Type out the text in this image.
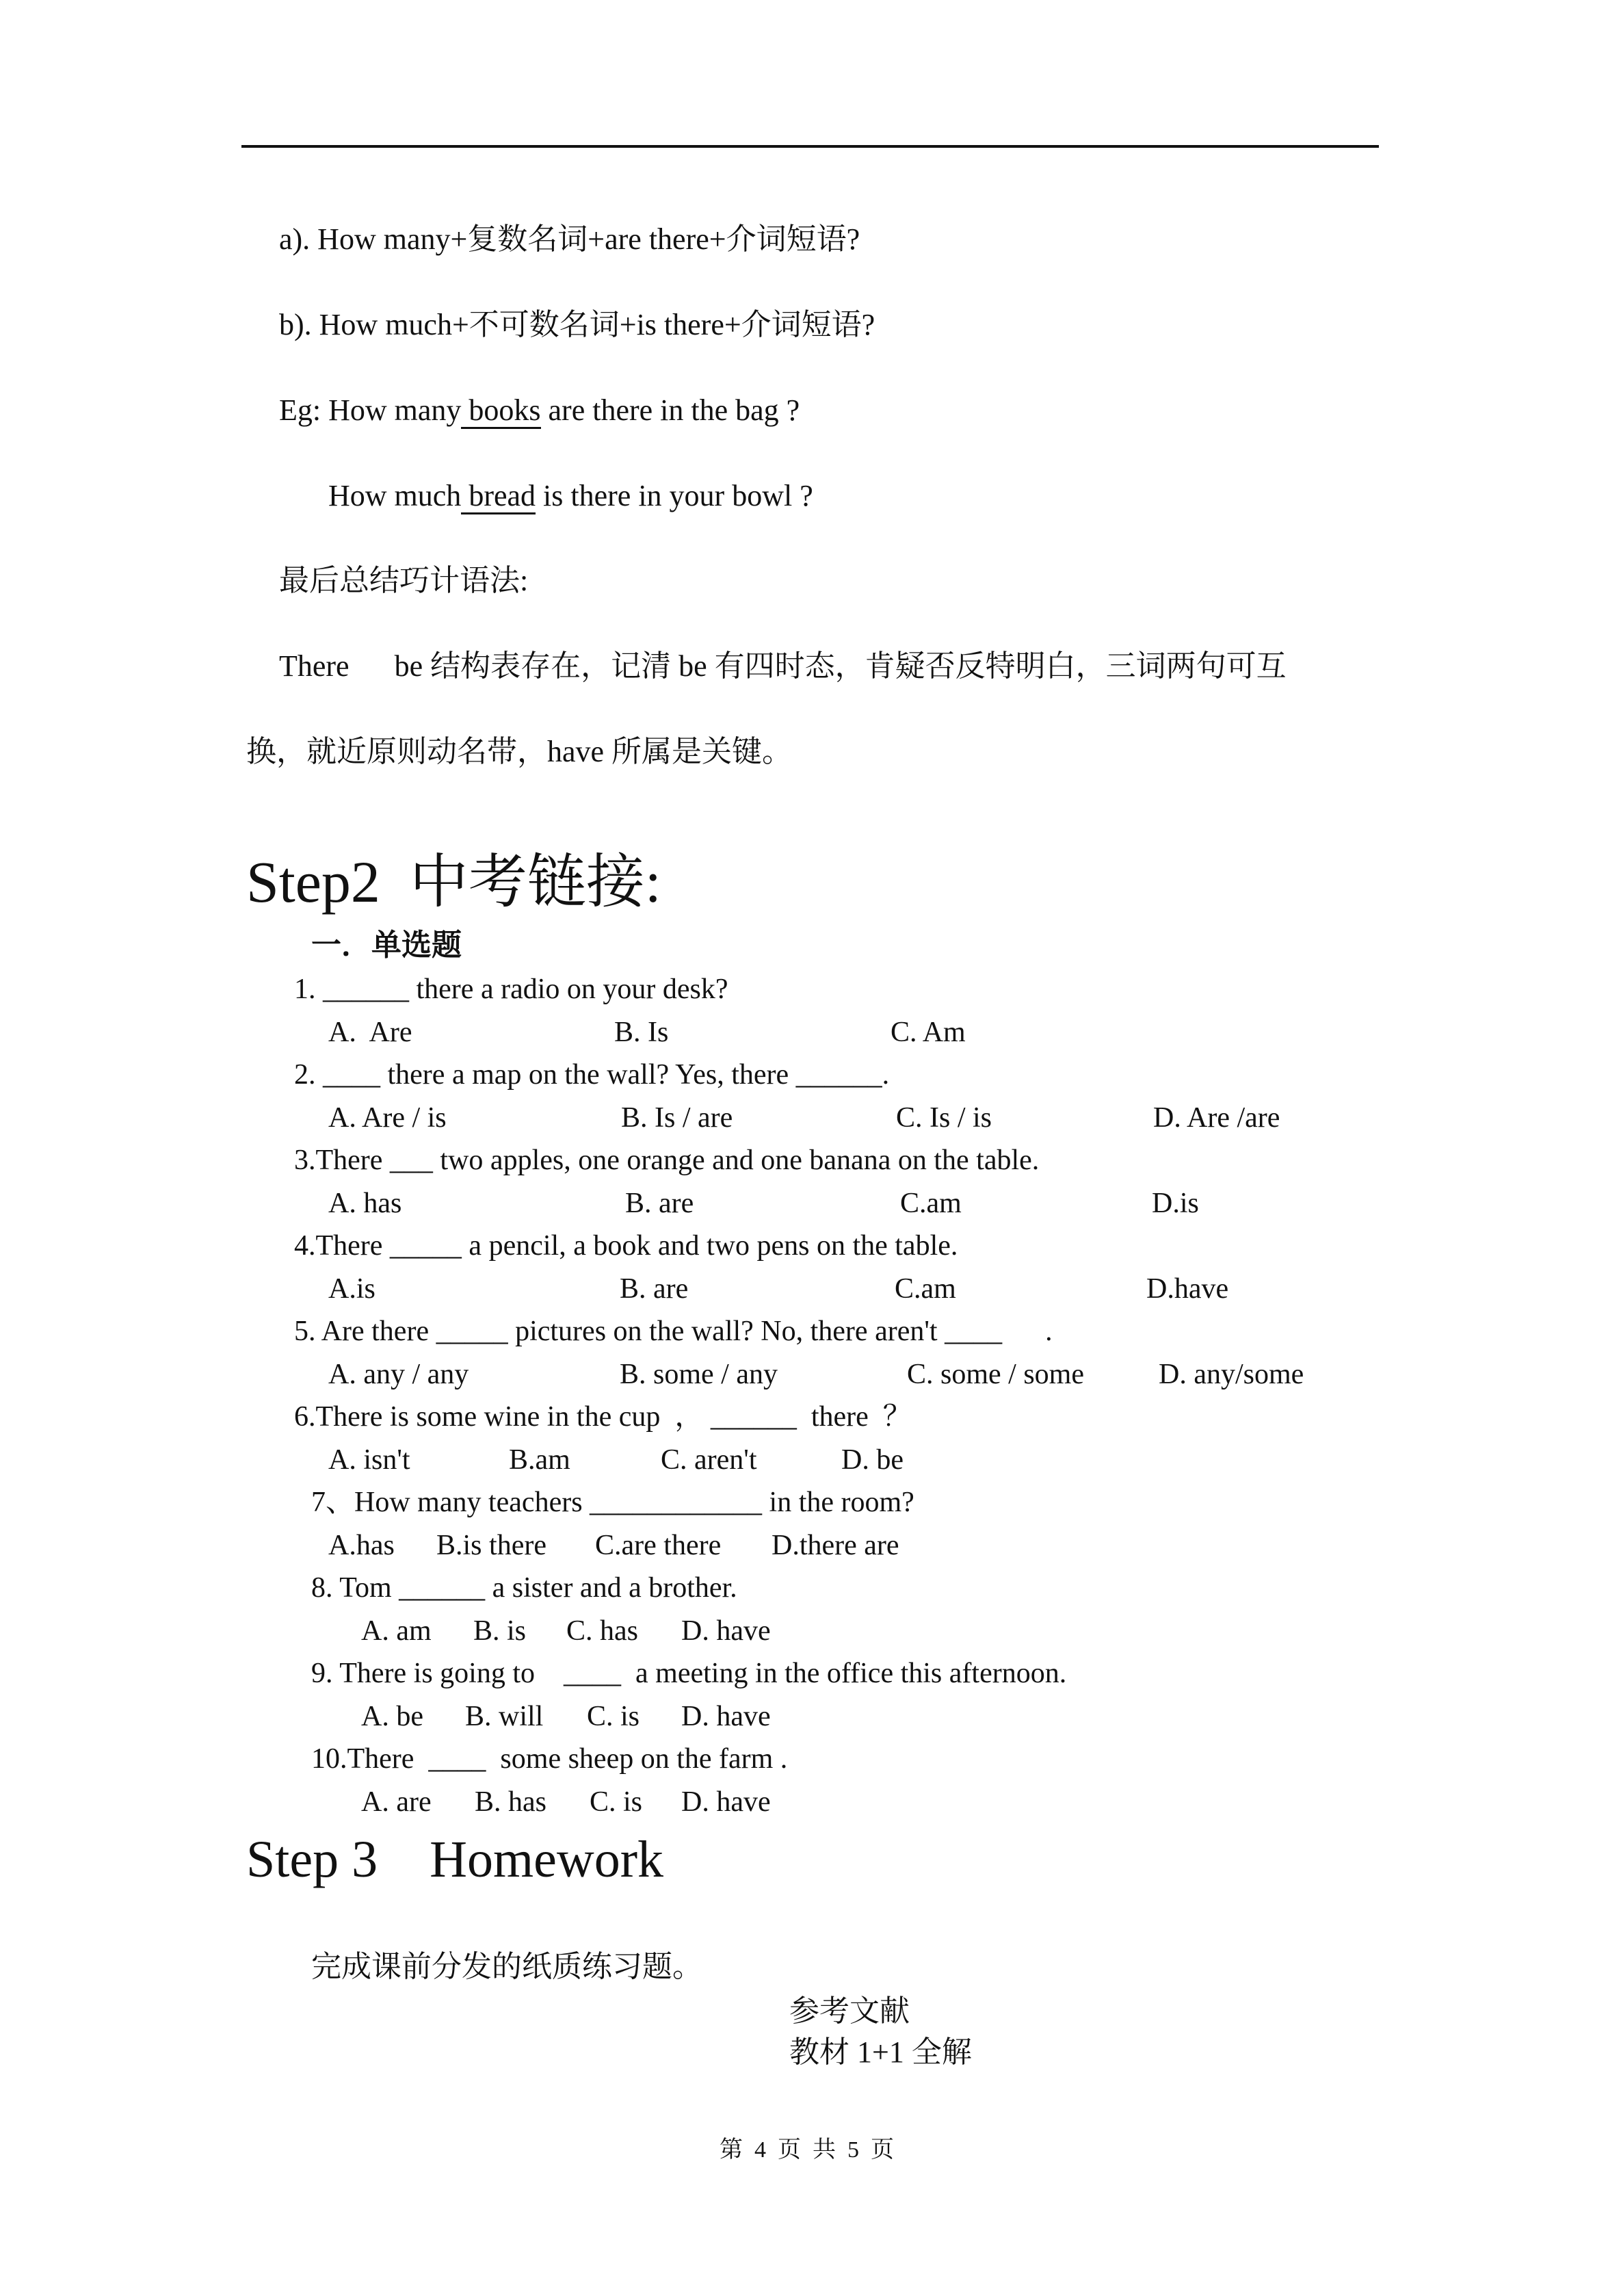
a). How many+复数名词+are there+介词短语?
b). How much+不可数名词+is there+介词短语?
Eg: How many books are there in the bag ?
How much bread is there in your bowl ?
最后总结巧计语法:
There      be 结构表存在，记清 be 有四时态，肯疑否反特明白，三词两句可互
换，就近原则动名带，have 所属是关键。
Step2  中考链接:
一．单选题
1. ______ there a radio on your desk?
A.  Are	B. Is	C. Am
2. ____ there a map on the wall? Yes, there ______.
A. Are / is	B. Is / are	C. Is / is	D. Are /are
3.There ___ two apples, one orange and one banana on the table.
A. has	B. are	C.am	D.is
4.There _____ a pencil, a book and two pens on the table.
A.is	B. are	C.am	D.have
5. Are there _____ pictures on the wall? No, there aren't ____      .
A. any / any	B. some / any	C. some / some	D. any/some
6.There is some wine in the cup  ， ______  there  ？
A. isn't	B.am	C. aren't	D. be
7、How many teachers ____________ in the room?
A.has B.is there C.are there D.there are
8. Tom ______ a sister and a brother.
A. am B. is C. has D. have
9. There is going to    ____  a meeting in the office this afternoon.
A. be B. will C. is D. have
10.There  ____  some sheep on the farm .
A. are B. has C. is D. have
Step 3    Homework
完成课前分发的纸质练习题。
参考文献
教材 1+1 全解
第  4  页  共  5  页
